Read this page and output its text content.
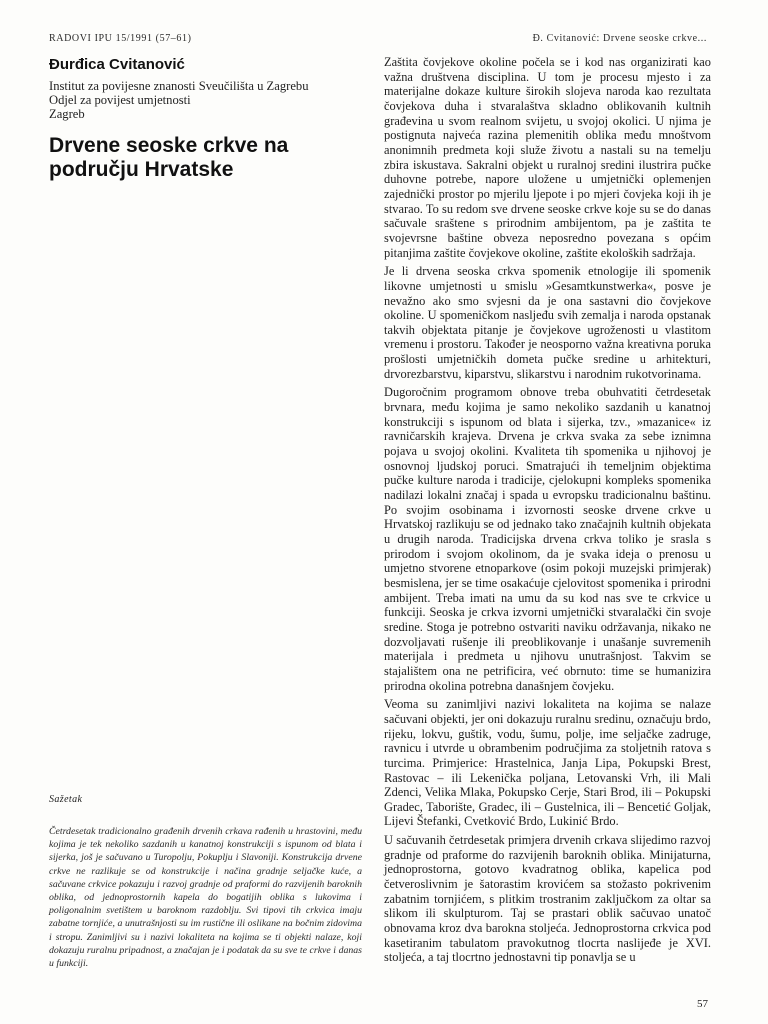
RADOVI IPU 15/1991 (57–61)	Đ. Cvitanović: Drvene seoske crkve...
Đurđica Cvitanović
Institut za povijesne znanosti Sveučilišta u Zagrebu
Odjel za povijest umjetnosti
Zagreb
Drvene seoske crkve na
području Hrvatske
Sažetak

Četrdesetak tradicionalno građenih drvenih crkava rađenih u hrastovini, među kojima je tek nekoliko sazdanih u kanatnoj konstrukciji s ispunom od blata i sijerka, još je sačuvano u Turopolju, Pokuplju i Slavoniji. Konstrukcija drvene crkve ne razlikuje se od konstrukcije i načina gradnje seljačke kuće, a sačuvane crkvice pokazuju i razvoj gradnje od praformi do razvijenih baroknih oblika, od jednoprostornih kapela do bogatijih oblika s lukovima i poligonalnim svetištem u baroknom razdoblju. Svi tipovi tih crkvica imaju zabatne tornjiće, a unutrašnjosti su im rustične ili oslikane na bočnim zidovima i stropu. Zanimljivi su i nazivi lokaliteta na kojima se ti objekti nalaze, koji dokazuju ruralnu pripadnost, a značajan je i podatak da su sve te crkve i danas u funkciji.

Zaštita čovjekove okoline počela se i kod nas organizirati kao važna društvena disciplina. U tom je procesu mjesto i za materijalne dokaze kulture širokih slojeva naroda kao rezultata čovjekova duha i stvaralaštva skladno oblikovanih kultnih građevina u svom realnom svijetu, u svojoj okolici. U njima je postignuta najveća razina plemenitih oblika među mnoštvom anonimnih predmeta koji služe životu a nastali su na temelju zbira iskustava. Sakralni objekt u ruralnoj sredini ilustrira pučke duhovne potrebe, napore uložene u umjetnički oplemenjen zajednički prostor po mjerilu ljepote i po mjeri čovjeka koji ih je stvarao. To su redom sve drvene seoske crkve koje su se do danas sačuvale sraštene s prirodnim ambijentom, pa je zaštita te svojevrsne baštine obveza neposredno povezana s općim pitanjima zaštite čovjekove okoline, zaštite ekoloških sadržaja.

Je li drvena seoska crkva spomenik etnologije ili spomenik likovne umjetnosti u smislu »Gesamtkunstwerka«, posve je nevažno ako smo svjesni da je ona sastavni dio čovjekove okoline. U spomeničkom nasljeđu svih zemalja i naroda opstanak takvih objektata pitanje je čovjekove ugroženosti u vlastitom vremenu i prostoru. Također je neosporno važna kreativna poruka prošlosti umjetničkih dometa pučke sredine u arhitekturi, drvorezbarstvu, kiparstvu, slikarstvu i narodnim rukotvorinama.

Dugoročnim programom obnove treba obuhvatiti četrdesetak brvnara, među kojima je samo nekoliko sazdanih u kanatnoj konstrukciji s ispunom od blata i sijerka, tzv., »mazanice« iz ravničarskih krajeva. Drvena je crkva svaka za sebe iznimna pojava u svojoj okolini. Kvaliteta tih spomenika u njihovoj je osnovnoj ljudskoj poruci. Smatrajući ih temeljnim objektima pučke kulture naroda i tradicije, cjelokupni kompleks spomenika nadilazi lokalni značaj i spada u evropsku tradicionalnu baštinu. Po svojim osobinama i izvornosti seoske drvene crkve u Hrvatskoj razlikuju se od jednako tako značajnih kultnih objekata u drugih naroda. Tradicijska drvena crkva toliko je srasla s prirodom i svojom okolinom, da je svaka ideja o prenosu u umjetno stvorene etnoparkove (osim pokoji muzejski primjerak) besmislena, jer se time osakaćuje cjelovitost spomenika i prirodni ambijent. Treba imati na umu da su kod nas sve te crkvice u funkciji. Seoska je crkva izvorni umjetnički stvaralački čin svoje sredine. Stoga je potrebno ostvariti naviku održavanja, nikako ne dozvoljavati rušenje ili preoblikovanje i unašanje suvremenih materijala i predmeta u njihovu unutrašnjost. Takvim se stajalištem ona ne petrificira, već obrnuto: time se humanizira prirodna okolina potrebna današnjem čovjeku.

Veoma su zanimljivi nazivi lokaliteta na kojima se nalaze sačuvani objekti, jer oni dokazuju ruralnu sredinu, označuju brdo, rijeku, lokvu, guštik, vodu, šumu, polje, ime seljačke zadruge, ravnicu i utvrde u obrambenim područjima za stoljetnih ratova s turcima. Primjerice: Hrastelnica, Janja Lipa, Pokupski Brest, Rastovac – ili Lekenička poljana, Letovanski Vrh, ili Mali Zdenci, Velika Mlaka, Pokupsko Cerje, Stari Brod, ili – Pokupski Gradec, Taborište, Gradec, ili – Gustelnica, ili – Bencetić Goljak, Lijevi Štefanki, Cvetković Brdo, Lukinić Brdo.

U sačuvanih četrdesetak primjera drvenih crkava slijedimo razvoj gradnje od praforme do razvijenih baroknih oblika. Minijaturna, jednoprostorna, gotovo kvadratnog oblika, kapelica pod četveroslivnim je šatorastim krovićem sa stožasto pokrivenim zabatnim tornjićem, s plitkim trostranim zaključkom za oltar sa slikom ili skulpturom. Taj se prastari oblik sačuvao unatoč obnovama kroz dva barokna stoljeća. Jednoprostorna crkvica pod kasetiranim tabulatom pravokutnog tlocrta naslijeđe je XVI. stoljeća, a taj tlocrtno jednostavni tip ponavlja se u

57
